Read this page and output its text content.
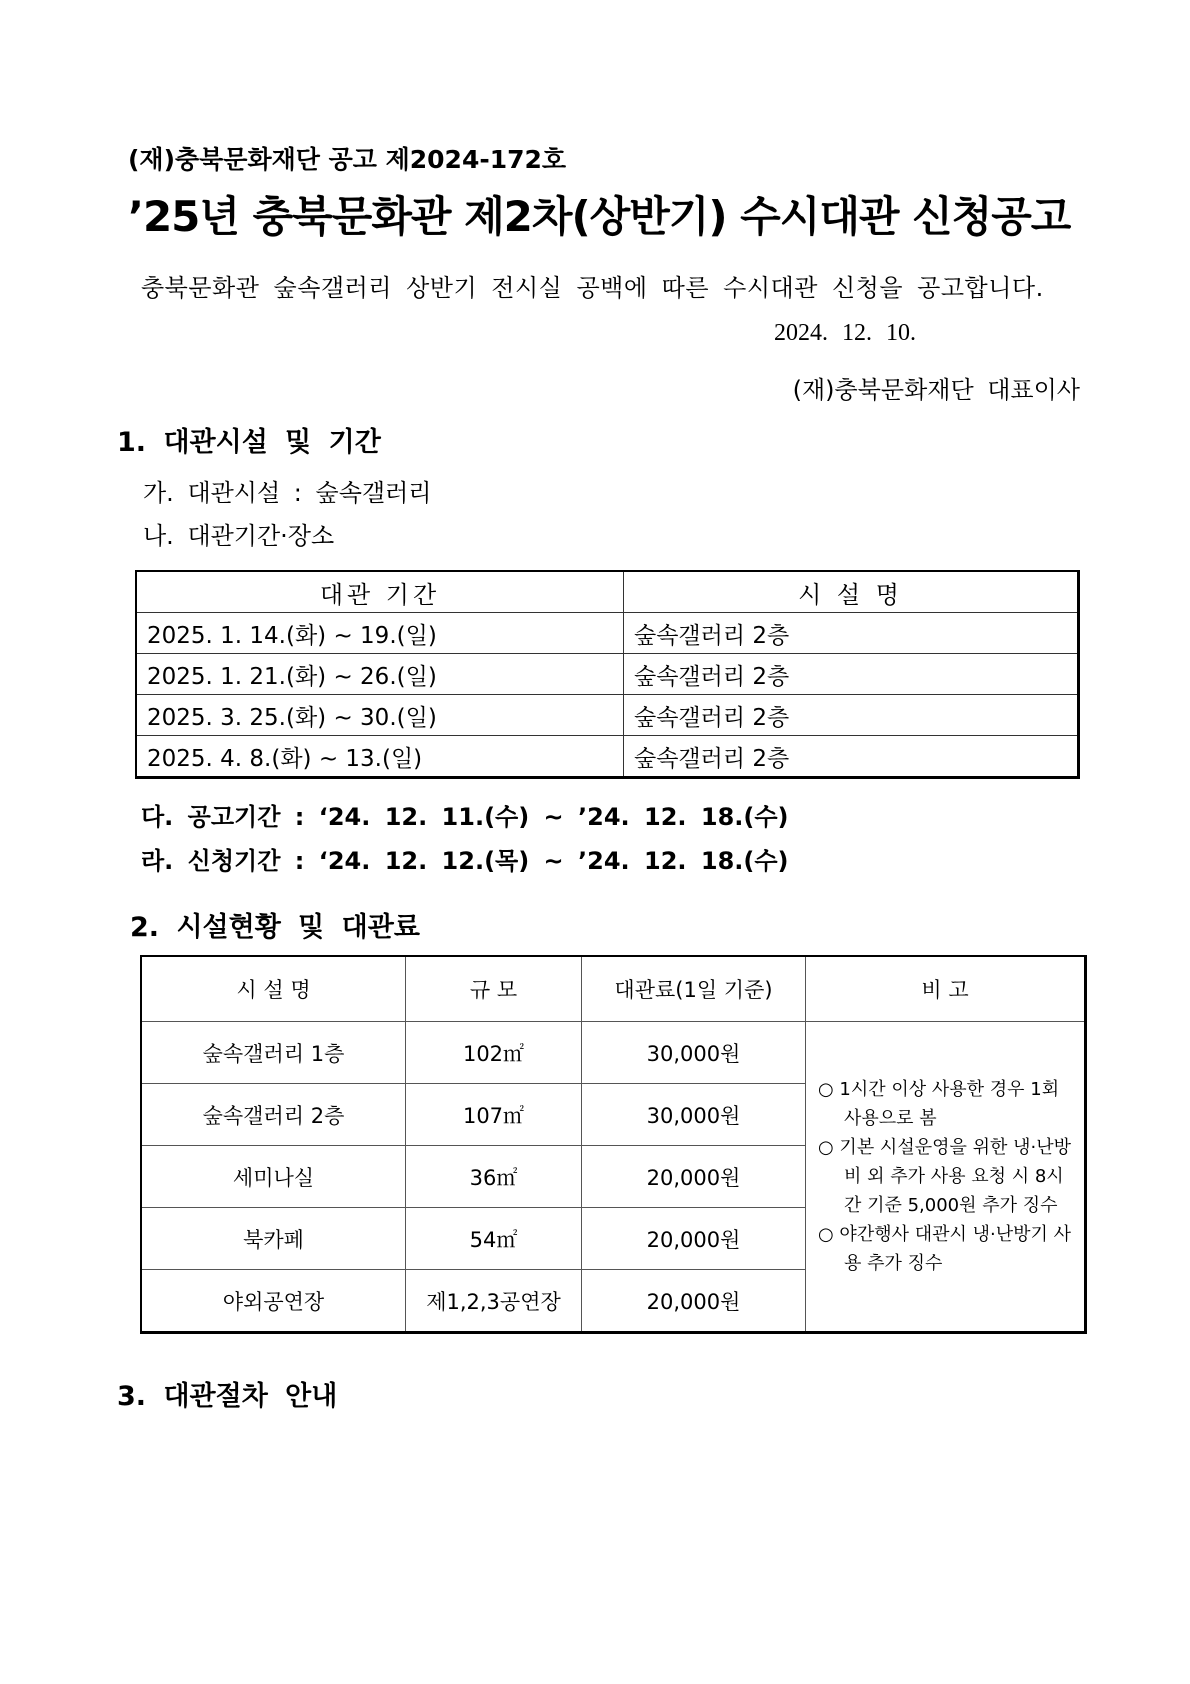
(재)충북문화재단 공고 제2024-172호
’25년 충북문화관 제2차(상반기) 수시대관 신청공고
충북문화관 숲속갤러리 상반기 전시실 공백에 따른 수시대관 신청을 공고합니다.
2024. 12. 10.
(재)충북문화재단 대표이사
1. 대관시설 및 기간
가. 대관시설 : 숲속갤러리
나. 대관기간·장소
대관 기간	시 설 명
2025. 1. 14.(화) ~ 19.(일)	숲속갤러리 2층
2025. 1. 21.(화) ~ 26.(일)	숲속갤러리 2층
2025. 3. 25.(화) ~ 30.(일)	숲속갤러리 2층
2025. 4. 8.(화) ~ 13.(일)	숲속갤러리 2층
다. 공고기간 : ‘24. 12. 11.(수) ~ ’24. 12. 18.(수)
라. 신청기간 : ‘24. 12. 12.(목) ~ ’24. 12. 18.(수)
2. 시설현황 및 대관료
시 설 명	규 모	대관료(1일 기준)	비 고
숲속갤러리 1층	102㎡	30,000원	○ 1시간 이상 사용한 경우 1회 사용으로 봄
○ 기본 시설운영을 위한 냉·난방비 외 추가 사용 요청 시 8시간 기준 5,000원 추가 징수
○ 야간행사 대관시 냉·난방기 사용 추가 징수

숲속갤러리 2층	107㎡	30,000원	
세미나실	36㎡	20,000원	
북카페	54㎡	20,000원	
야외공연장	제1,2,3공연장	20,000원	
3. 대관절차 안내
